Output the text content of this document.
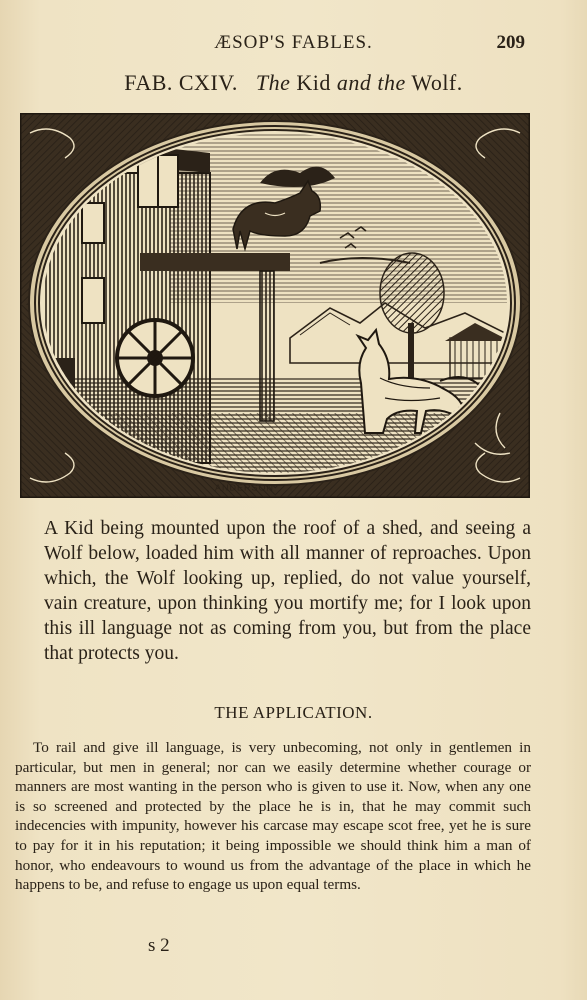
ÆSOP'S FABLES.	209
FAB. CXIV. The Kid and the Wolf.
ANDERSON

A Kid being mounted upon the roof of a shed, and seeing a Wolf below, loaded him with all manner of reproaches. Upon which, the Wolf looking up, replied, do not value yourself, vain creature, upon thinking you mortify me; for I look upon this ill language not as coming from you, but from the place that protects you.

THE APPLICATION.

To rail and give ill language, is very unbecoming, not only in gentlemen in particular, but men in general; nor can we easily determine whether courage or manners are most wanting in the person who is given to use it. Now, when any one is so screened and protected by the place he is in, that he may commit such indecencies with impunity, however his carcase may escape scot free, yet he is sure to pay for it in his reputation; it being impossible we should think him a man of honor, who endeavours to wound us from the advantage of the place in which he happens to be, and refuse to engage us upon equal terms.

s 2
